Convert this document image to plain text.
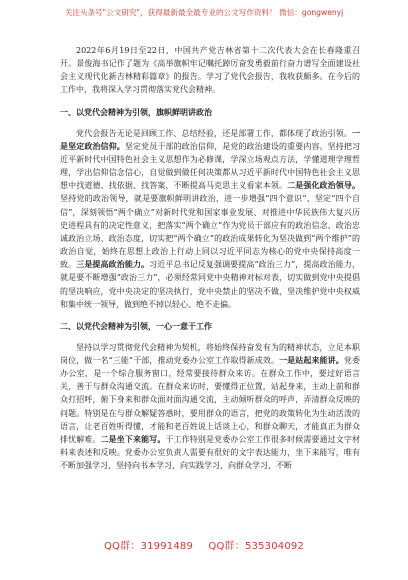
关注头条号"公文研究"，获得最新最全最专业的公文写作资料！ 微信：gongwenyj

2022年6月19日至22日，中国共产党吉林省第十二次代表大会在长春隆重召开。景俊海书记作了题为《高举旗帜牢记嘱托踔厉奋发勇毅前行奋力谱写全面建设社会主义现代化新吉林精彩篇章》的报告。学习了党代会报告，我收获颇多。在今后的工作中，我将深入学习贯彻落实党代会精神。

一、以党代会精神为引领，旗帜鲜明讲政治

党代会报告无论是回顾工作、总结经验，还是部署工作，都体现了政治引领。一是坚定政治信仰。坚定党员干部的政治信仰，是党的政治建设的重要内容。坚持把习近平新时代中国特色社会主义思想作为必修课，学深立场观点方法，学懂道理学理哲理，学出信仰信念信心，自觉做到做任何决策都从习近平新时代中国特色社会主义思想中找道德、找依据、找答案，不断提高马克思主义看家本领。二是强化政治领导。坚持党的政治领导，就是要旗帜鲜明讲政治，进一步增强“四个意识”、坚定“四个自信”，深刻领悟“两个确立”对新时代党和国家事业发展、对推进中华民族伟大复兴历史进程具有的决定性意义，把落实“两个确立”作为党员干部应有的政治信念、政治忠诚政治立场、政治态度，切实把“两个确立”的政治成果转化为坚决做到“两个维护”的政治自觉，始终在思想上政治上行动上同以习近平同志为核心的党中央保持高度一致。三是提高政治能力。习近平总书记反复强调要提高“政治三力”，提高政治能力，就是要不断增强“政治三力”，必须经常同党中央精神对标对表，切实做到党中央提倡的坚决响应，党中央决定的坚决执行，党中央禁止的坚决不做，坚决维护党中央权威和集中统一领导，做到绝不掉以轻心、绝不走偏。

二、以党代会精神为引领，一心一意干工作

坚持以学习贯彻党代会精神为契机，将始终保持奋发有为的精神状态，立足本职岗位，做一名“三能”干部，推动党委办公室工作取得新成效。一是站起来能讲。党委办公室，是一个综合服务窗口，经常要接待群众来访。在群众工作中，要过好语言关，善于与群众沟通交流。在群众来访时，要懂得正位置，站起身来，主动上前和群众打招呼，俯下身来和群众面对面沟通交流，主动倾听群众的呼声，弄清群众反映的问题。特别是在与群众解疑答惑时，要用群众的语言，把党的政策转化为生动活泼的语言，让老百姓听得懂，才能和老百姓说上话谈上心，和群众聊天，才能真正为群众排忧解难。二是坐下来能写。干工作特别是党委办公室工作很多时候需要通过文字材料来表述和反映。党委办公室负责人需要有很好的文字表达能力，坐下来能写，唯有不断加强学习，坚持向书本学习，向实践学习，向群众学习，不断

QQ群：31991489 QQ群：535304092
